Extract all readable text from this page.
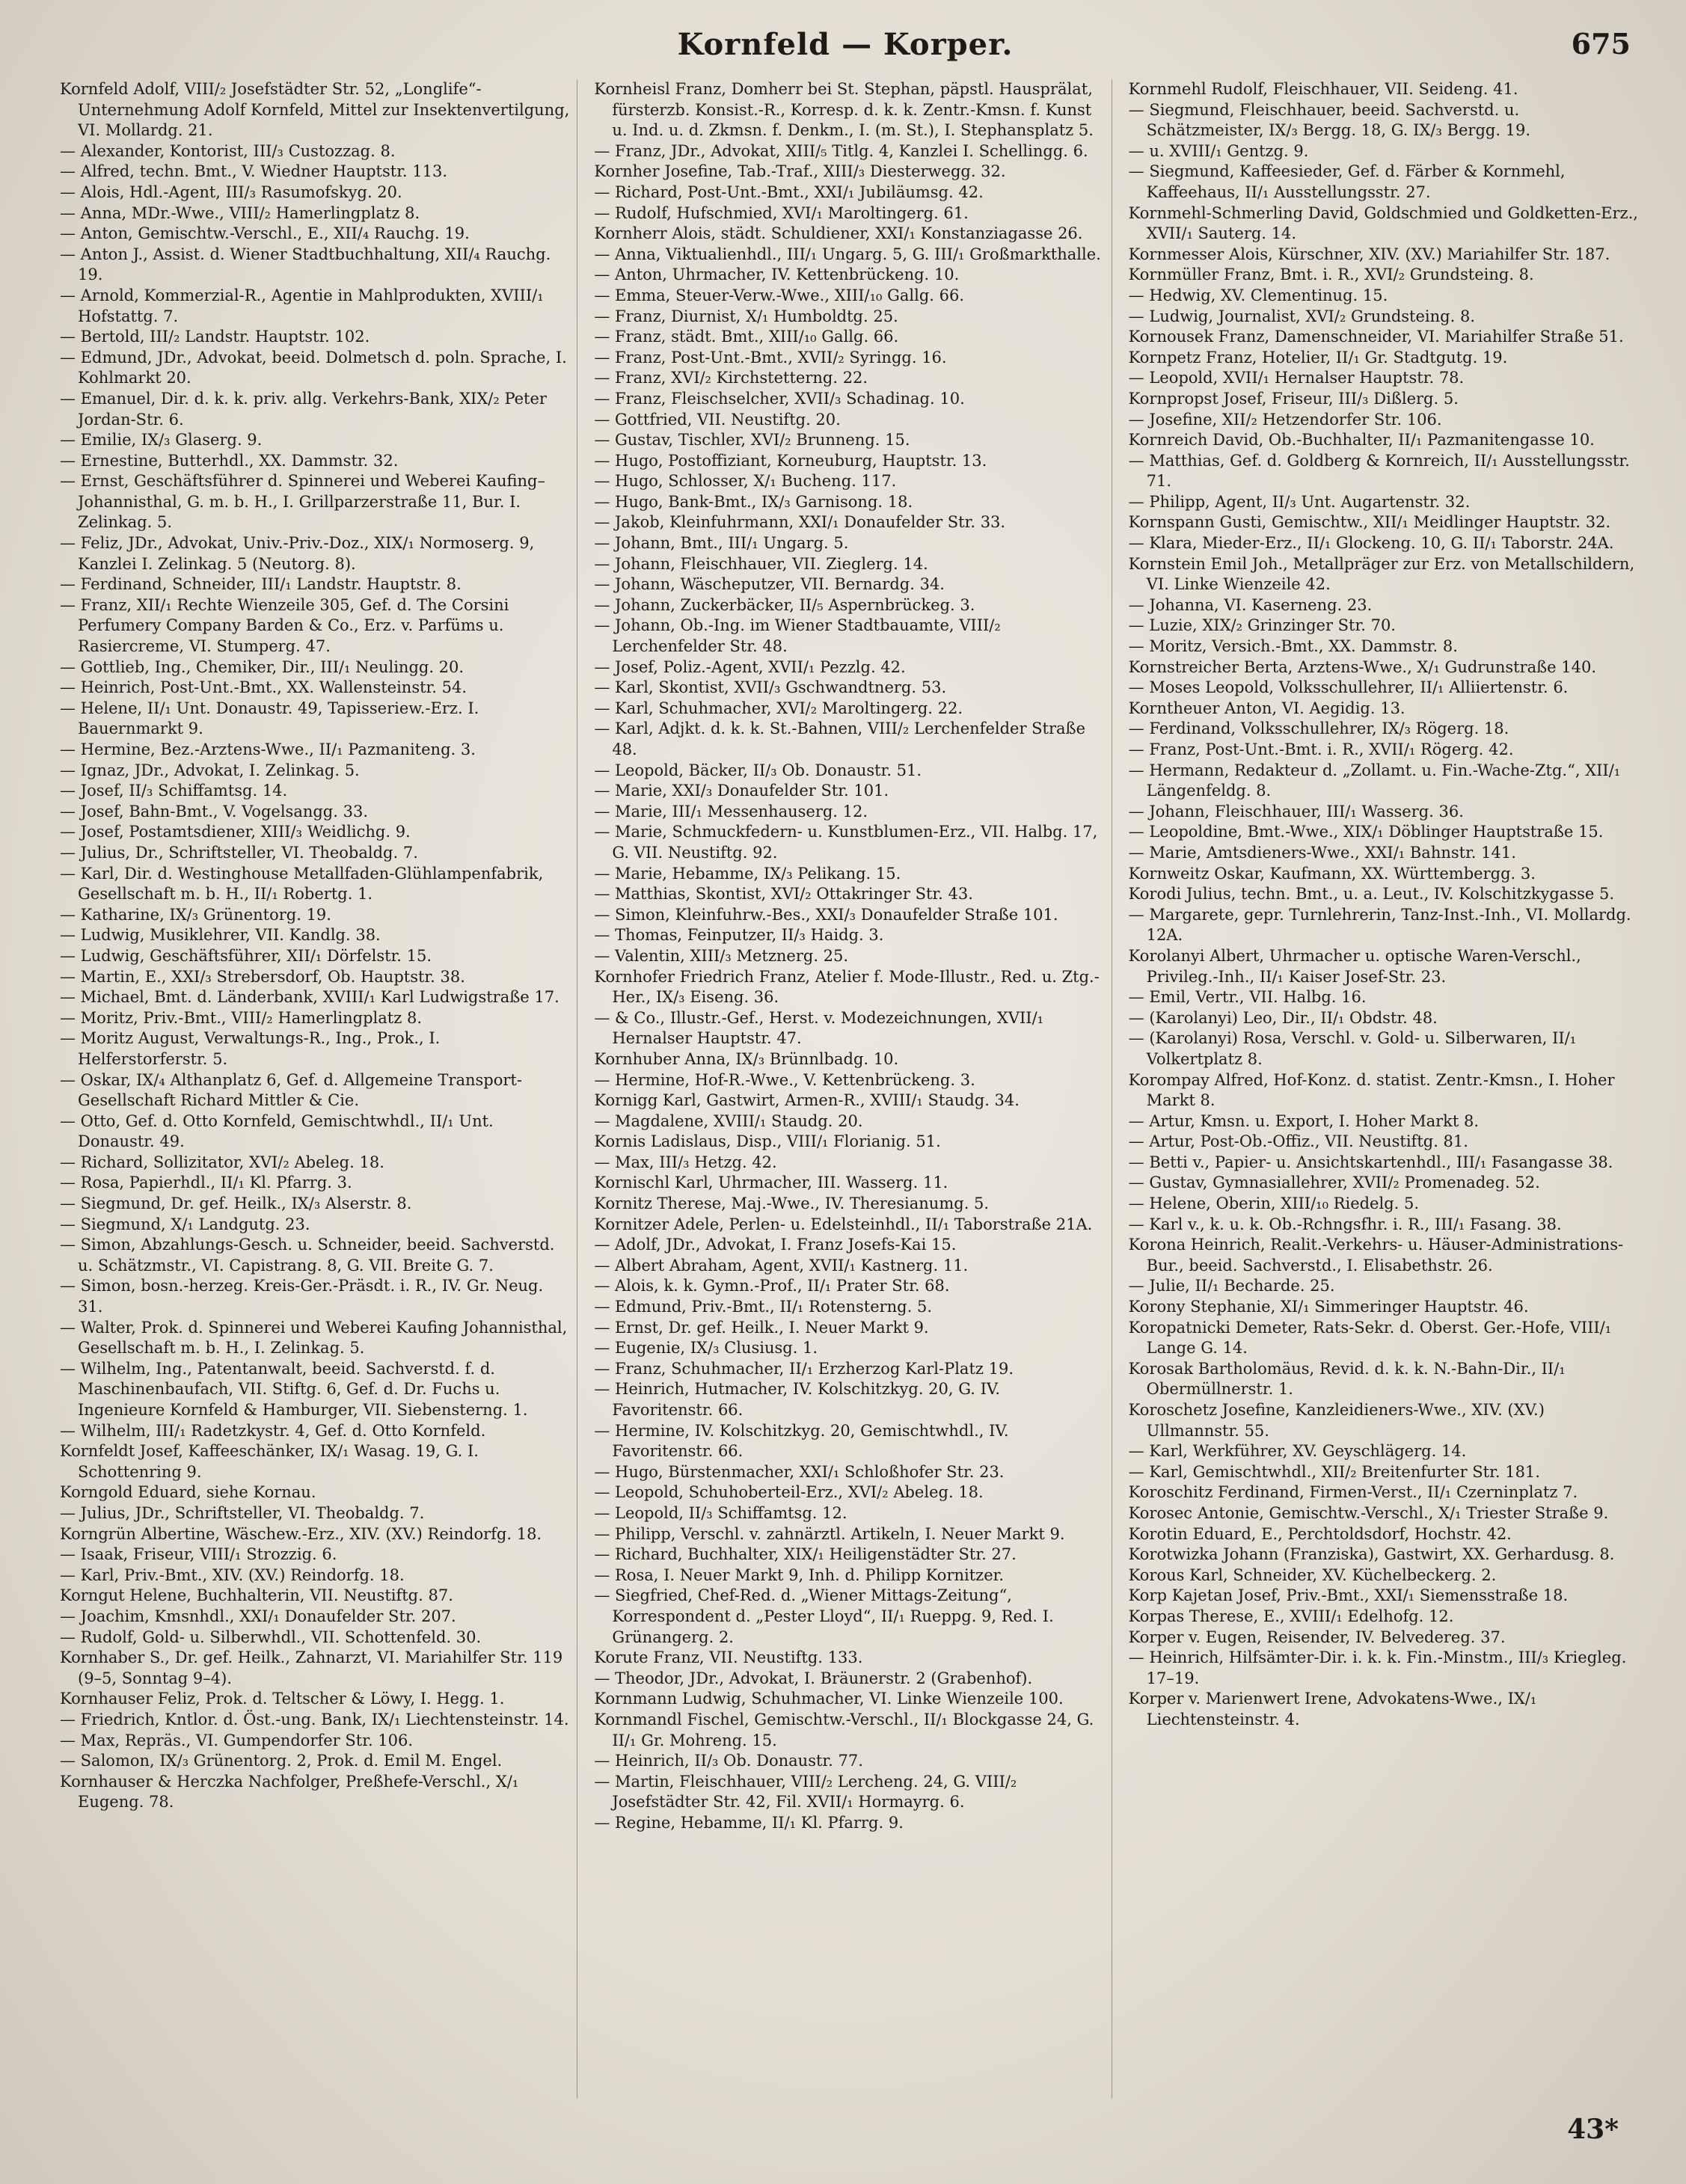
Kornfeld — Korper.	675

Kornfeld Adolf, VIII/₂ Josefstädter Str. 52, „Longlife“-Unternehmung Adolf Kornfeld, Mittel zur Insektenvertilgung, VI. Mollardg. 21.

— Alexander, Kontorist, III/₃ Custozzag. 8.

— Alfred, techn. Bmt., V. Wiedner Hauptstr. 113.

— Alois, Hdl.-Agent, III/₃ Rasumofskyg. 20.

— Anna, MDr.-Wwe., VIII/₂ Hamerlingplatz 8.

— Anton, Gemischtw.-Verschl., E., XII/₄ Rauchg. 19.

— Anton J., Assist. d. Wiener Stadtbuchhaltung, XII/₄ Rauchg. 19.

— Arnold, Kommerzial-R., Agentie in Mahlprodukten, XVIII/₁ Hofstattg. 7.

— Bertold, III/₂ Landstr. Hauptstr. 102.

— Edmund, JDr., Advokat, beeid. Dolmetsch d. poln. Sprache, I. Kohlmarkt 20.

— Emanuel, Dir. d. k. k. priv. allg. Verkehrs-Bank, XIX/₂ Peter Jordan-Str. 6.

— Emilie, IX/₃ Glaserg. 9.

— Ernestine, Butterhdl., XX. Dammstr. 32.

— Ernst, Geschäftsführer d. Spinnerei und Weberei Kaufing–Johannisthal, G. m. b. H., I. Grillparzerstraße 11, Bur. I. Zelinkag. 5.

— Feliz, JDr., Advokat, Univ.-Priv.-Doz., XIX/₁ Normoserg. 9, Kanzlei I. Zelinkag. 5 (Neutorg. 8).

— Ferdinand, Schneider, III/₁ Landstr. Hauptstr. 8.

— Franz, XII/₁ Rechte Wienzeile 305, Gef. d. The Corsini Perfumery Company Barden & Co., Erz. v. Parfüms u. Rasiercreme, VI. Stumperg. 47.

— Gottlieb, Ing., Chemiker, Dir., III/₁ Neulingg. 20.

— Heinrich, Post-Unt.-Bmt., XX. Wallensteinstr. 54.

— Helene, II/₁ Unt. Donaustr. 49, Tapisseriew.-Erz. I. Bauernmarkt 9.

— Hermine, Bez.-Arztens-Wwe., II/₁ Pazmaniteng. 3.

— Ignaz, JDr., Advokat, I. Zelinkag. 5.

— Josef, II/₃ Schiffamtsg. 14.

— Josef, Bahn-Bmt., V. Vogelsangg. 33.

— Josef, Postamtsdiener, XIII/₃ Weidlichg. 9.

— Julius, Dr., Schriftsteller, VI. Theobaldg. 7.

— Karl, Dir. d. Westinghouse Metallfaden-Glühlampenfabrik, Gesellschaft m. b. H., II/₁ Robertg. 1.

— Katharine, IX/₃ Grünentorg. 19.

— Ludwig, Musiklehrer, VII. Kandlg. 38.

— Ludwig, Geschäftsführer, XII/₁ Dörfelstr. 15.

— Martin, E., XXI/₃ Strebersdorf, Ob. Hauptstr. 38.

— Michael, Bmt. d. Länderbank, XVIII/₁ Karl Ludwigstraße 17.

— Moritz, Priv.-Bmt., VIII/₂ Hamerlingplatz 8.

— Moritz August, Verwaltungs-R., Ing., Prok., I. Helferstorferstr. 5.

— Oskar, IX/₄ Althanplatz 6, Gef. d. Allgemeine Transport-Gesellschaft Richard Mittler & Cie.

— Otto, Gef. d. Otto Kornfeld, Gemischtwhdl., II/₁ Unt. Donaustr. 49.

— Richard, Sollizitator, XVI/₂ Abeleg. 18.

— Rosa, Papierhdl., II/₁ Kl. Pfarrg. 3.

— Siegmund, Dr. gef. Heilk., IX/₃ Alserstr. 8.

— Siegmund, X/₁ Landgutg. 23.

— Simon, Abzahlungs-Gesch. u. Schneider, beeid. Sachverstd. u. Schätzmstr., VI. Capistrang. 8, G. VII. Breite G. 7.

— Simon, bosn.-herzeg. Kreis-Ger.-Präsdt. i. R., IV. Gr. Neug. 31.

— Walter, Prok. d. Spinnerei und Weberei Kaufing Johannisthal, Gesellschaft m. b. H., I. Zelinkag. 5.

— Wilhelm, Ing., Patentanwalt, beeid. Sachverstd. f. d. Maschinenbaufach, VII. Stiftg. 6, Gef. d. Dr. Fuchs u. Ingenieure Kornfeld & Hamburger, VII. Siebensterng. 1.

— Wilhelm, III/₁ Radetzkystr. 4, Gef. d. Otto Kornfeld.

Kornfeldt Josef, Kaffeeschänker, IX/₁ Wasag. 19, G. I. Schottenring 9.

Korngold Eduard, siehe Kornau.

— Julius, JDr., Schriftsteller, VI. Theobaldg. 7.

Korngrün Albertine, Wäschew.-Erz., XIV. (XV.) Reindorfg. 18.

— Isaak, Friseur, VIII/₁ Strozzig. 6.

— Karl, Priv.-Bmt., XIV. (XV.) Reindorfg. 18.

Korngut Helene, Buchhalterin, VII. Neustiftg. 87.

— Joachim, Kmsnhdl., XXI/₁ Donaufelder Str. 207.

— Rudolf, Gold- u. Silberwhdl., VII. Schottenfeld. 30.

Kornhaber S., Dr. gef. Heilk., Zahnarzt, VI. Mariahilfer Str. 119 (9–5, Sonntag 9–4).

Kornhauser Feliz, Prok. d. Teltscher & Löwy, I. Hegg. 1.

— Friedrich, Kntlor. d. Öst.-ung. Bank, IX/₁ Liechtensteinstr. 14.

— Max, Repräs., VI. Gumpendorfer Str. 106.

— Salomon, IX/₃ Grünentorg. 2, Prok. d. Emil M. Engel.

Kornhauser & Herczka Nachfolger, Preßhefe-Verschl., X/₁ Eugeng. 78.

Kornheisl Franz, Domherr bei St. Stephan, päpstl. Hausprälat, fürsterzb. Konsist.-R., Korresp. d. k. k. Zentr.-Kmsn. f. Kunst u. Ind. u. d. Zkmsn. f. Denkm., I. (m. St.), I. Stephansplatz 5.

— Franz, JDr., Advokat, XIII/₅ Titlg. 4, Kanzlei I. Schellingg. 6.

Kornher Josefine, Tab.-Traf., XIII/₃ Diesterwegg. 32.

— Richard, Post-Unt.-Bmt., XXI/₁ Jubiläumsg. 42.

— Rudolf, Hufschmied, XVI/₁ Maroltingerg. 61.

Kornherr Alois, städt. Schuldiener, XXI/₁ Konstanziagasse 26.

— Anna, Viktualienhdl., III/₁ Ungarg. 5, G. III/₁ Großmarkthalle.

— Anton, Uhrmacher, IV. Kettenbrückeng. 10.

— Emma, Steuer-Verw.-Wwe., XIII/₁₀ Gallg. 66.

— Franz, Diurnist, X/₁ Humboldtg. 25.

— Franz, städt. Bmt., XIII/₁₀ Gallg. 66.

— Franz, Post-Unt.-Bmt., XVII/₂ Syringg. 16.

— Franz, XVI/₂ Kirchstetterng. 22.

— Franz, Fleischselcher, XVII/₃ Schadinag. 10.

— Gottfried, VII. Neustiftg. 20.

— Gustav, Tischler, XVI/₂ Brunneng. 15.

— Hugo, Postoffiziant, Korneuburg, Hauptstr. 13.

— Hugo, Schlosser, X/₁ Bucheng. 117.

— Hugo, Bank-Bmt., IX/₃ Garnisong. 18.

— Jakob, Kleinfuhrmann, XXI/₁ Donaufelder Str. 33.

— Johann, Bmt., III/₁ Ungarg. 5.

— Johann, Fleischhauer, VII. Zieglerg. 14.

— Johann, Wäscheputzer, VII. Bernardg. 34.

— Johann, Zuckerbäcker, II/₅ Aspernbrückeg. 3.

— Johann, Ob.-Ing. im Wiener Stadtbauamte, VIII/₂ Lerchenfelder Str. 48.

— Josef, Poliz.-Agent, XVII/₁ Pezzlg. 42.

— Karl, Skontist, XVII/₃ Gschwandtnerg. 53.

— Karl, Schuhmacher, XVI/₂ Maroltingerg. 22.

— Karl, Adjkt. d. k. k. St.-Bahnen, VIII/₂ Lerchenfelder Straße 48.

— Leopold, Bäcker, II/₃ Ob. Donaustr. 51.

— Marie, XXI/₃ Donaufelder Str. 101.

— Marie, III/₁ Messenhauserg. 12.

— Marie, Schmuckfedern- u. Kunstblumen-Erz., VII. Halbg. 17, G. VII. Neustiftg. 92.

— Marie, Hebamme, IX/₃ Pelikang. 15.

— Matthias, Skontist, XVI/₂ Ottakringer Str. 43.

— Simon, Kleinfuhrw.-Bes., XXI/₃ Donaufelder Straße 101.

— Thomas, Feinputzer, II/₃ Haidg. 3.

— Valentin, XIII/₃ Metznerg. 25.

Kornhofer Friedrich Franz, Atelier f. Mode-Illustr., Red. u. Ztg.-Her., IX/₃ Eiseng. 36.

— & Co., Illustr.-Gef., Herst. v. Modezeichnungen, XVII/₁ Hernalser Hauptstr. 47.

Kornhuber Anna, IX/₃ Brünnlbadg. 10.

— Hermine, Hof-R.-Wwe., V. Kettenbrückeng. 3.

Kornigg Karl, Gastwirt, Armen-R., XVIII/₁ Staudg. 34.

— Magdalene, XVIII/₁ Staudg. 20.

Kornis Ladislaus, Disp., VIII/₁ Florianig. 51.

— Max, III/₃ Hetzg. 42.

Kornischl Karl, Uhrmacher, III. Wasserg. 11.

Kornitz Therese, Maj.-Wwe., IV. Theresianumg. 5.

Kornitzer Adele, Perlen- u. Edelsteinhdl., II/₁ Taborstraße 21A.

— Adolf, JDr., Advokat, I. Franz Josefs-Kai 15.

— Albert Abraham, Agent, XVII/₁ Kastnerg. 11.

— Alois, k. k. Gymn.-Prof., II/₁ Prater Str. 68.

— Edmund, Priv.-Bmt., II/₁ Rotensterng. 5.

— Ernst, Dr. gef. Heilk., I. Neuer Markt 9.

— Eugenie, IX/₃ Clusiusg. 1.

— Franz, Schuhmacher, II/₁ Erzherzog Karl-Platz 19.

— Heinrich, Hutmacher, IV. Kolschitzkyg. 20, G. IV. Favoritenstr. 66.

— Hermine, IV. Kolschitzkyg. 20, Gemischtwhdl., IV. Favoritenstr. 66.

— Hugo, Bürstenmacher, XXI/₁ Schloßhofer Str. 23.

— Leopold, Schuhoberteil-Erz., XVI/₂ Abeleg. 18.

— Leopold, II/₃ Schiffamtsg. 12.

— Philipp, Verschl. v. zahnärztl. Artikeln, I. Neuer Markt 9.

— Richard, Buchhalter, XIX/₁ Heiligenstädter Str. 27.

— Rosa, I. Neuer Markt 9, Inh. d. Philipp Kornitzer.

— Siegfried, Chef-Red. d. „Wiener Mittags-Zeitung“, Korrespondent d. „Pester Lloyd“, II/₁ Rueppg. 9, Red. I. Grünangerg. 2.

Korute Franz, VII. Neustiftg. 133.

— Theodor, JDr., Advokat, I. Bräunerstr. 2 (Grabenhof).

Kornmann Ludwig, Schuhmacher, VI. Linke Wienzeile 100.

Kornmandl Fischel, Gemischtw.-Verschl., II/₁ Blockgasse 24, G. II/₁ Gr. Mohreng. 15.

— Heinrich, II/₃ Ob. Donaustr. 77.

— Martin, Fleischhauer, VIII/₂ Lercheng. 24, G. VIII/₂ Josefstädter Str. 42, Fil. XVII/₁ Hormayrg. 6.

— Regine, Hebamme, II/₁ Kl. Pfarrg. 9.

Kornmehl Rudolf, Fleischhauer, VII. Seideng. 41.

— Siegmund, Fleischhauer, beeid. Sachverstd. u. Schätzmeister, IX/₃ Bergg. 18, G. IX/₃ Bergg. 19.

— u. XVIII/₁ Gentzg. 9.

— Siegmund, Kaffeesieder, Gef. d. Färber & Kornmehl, Kaffeehaus, II/₁ Ausstellungsstr. 27.

Kornmehl-Schmerling David, Goldschmied und Goldketten-Erz., XVII/₁ Sauterg. 14.

Kornmesser Alois, Kürschner, XIV. (XV.) Mariahilfer Str. 187.

Kornmüller Franz, Bmt. i. R., XVI/₂ Grundsteing. 8.

— Hedwig, XV. Clementinug. 15.

— Ludwig, Journalist, XVI/₂ Grundsteing. 8.

Kornousek Franz, Damenschneider, VI. Mariahilfer Straße 51.

Kornpetz Franz, Hotelier, II/₁ Gr. Stadtgutg. 19.

— Leopold, XVII/₁ Hernalser Hauptstr. 78.

Kornpropst Josef, Friseur, III/₃ Dißlerg. 5.

— Josefine, XII/₂ Hetzendorfer Str. 106.

Kornreich David, Ob.-Buchhalter, II/₁ Pazmanitengasse 10.

— Matthias, Gef. d. Goldberg & Kornreich, II/₁ Ausstellungsstr. 71.

— Philipp, Agent, II/₃ Unt. Augartenstr. 32.

Kornspann Gusti, Gemischtw., XII/₁ Meidlinger Hauptstr. 32.

— Klara, Mieder-Erz., II/₁ Glockeng. 10, G. II/₁ Taborstr. 24A.

Kornstein Emil Joh., Metallpräger zur Erz. von Metallschildern, VI. Linke Wienzeile 42.

— Johanna, VI. Kaserneng. 23.

— Luzie, XIX/₂ Grinzinger Str. 70.

— Moritz, Versich.-Bmt., XX. Dammstr. 8.

Kornstreicher Berta, Arztens-Wwe., X/₁ Gudrunstraße 140.

— Moses Leopold, Volksschullehrer, II/₁ Alliiertenstr. 6.

Korntheuer Anton, VI. Aegidig. 13.

— Ferdinand, Volksschullehrer, IX/₃ Rögerg. 18.

— Franz, Post-Unt.-Bmt. i. R., XVII/₁ Rögerg. 42.

— Hermann, Redakteur d. „Zollamt. u. Fin.-Wache-Ztg.“, XII/₁ Längenfeldg. 8.

— Johann, Fleischhauer, III/₁ Wasserg. 36.

— Leopoldine, Bmt.-Wwe., XIX/₁ Döblinger Hauptstraße 15.

— Marie, Amtsdieners-Wwe., XXI/₁ Bahnstr. 141.

Kornweitz Oskar, Kaufmann, XX. Württembergg. 3.

Korodi Julius, techn. Bmt., u. a. Leut., IV. Kolschitzkygasse 5.

— Margarete, gepr. Turnlehrerin, Tanz-Inst.-Inh., VI. Mollardg. 12A.

Korolanyi Albert, Uhrmacher u. optische Waren-Verschl., Privileg.-Inh., II/₁ Kaiser Josef-Str. 23.

— Emil, Vertr., VII. Halbg. 16.

— (Karolanyi) Leo, Dir., II/₁ Obdstr. 48.

— (Karolanyi) Rosa, Verschl. v. Gold- u. Silberwaren, II/₁ Volkertplatz 8.

Korompay Alfred, Hof-Konz. d. statist. Zentr.-Kmsn., I. Hoher Markt 8.

— Artur, Kmsn. u. Export, I. Hoher Markt 8.

— Artur, Post-Ob.-Offiz., VII. Neustiftg. 81.

— Betti v., Papier- u. Ansichtskartenhdl., III/₁ Fasangasse 38.

— Gustav, Gymnasiallehrer, XVII/₂ Promenadeg. 52.

— Helene, Oberin, XIII/₁₀ Riedelg. 5.

— Karl v., k. u. k. Ob.-Rchngsfhr. i. R., III/₁ Fasang. 38.

Korona Heinrich, Realit.-Verkehrs- u. Häuser-Administrations-Bur., beeid. Sachverstd., I. Elisabethstr. 26.

— Julie, II/₁ Becharde. 25.

Korony Stephanie, XI/₁ Simmeringer Hauptstr. 46.

Koropatnicki Demeter, Rats-Sekr. d. Oberst. Ger.-Hofe, VIII/₁ Lange G. 14.

Korosak Bartholomäus, Revid. d. k. k. N.-Bahn-Dir., II/₁ Obermüllnerstr. 1.

Koroschetz Josefine, Kanzleidieners-Wwe., XIV. (XV.) Ullmannstr. 55.

— Karl, Werkführer, XV. Geyschlägerg. 14.

— Karl, Gemischtwhdl., XII/₂ Breitenfurter Str. 181.

Koroschitz Ferdinand, Firmen-Verst., II/₁ Czerninplatz 7.

Korosec Antonie, Gemischtw.-Verschl., X/₁ Triester Straße 9.

Korotin Eduard, E., Perchtoldsdorf, Hochstr. 42.

Korotwizka Johann (Franziska), Gastwirt, XX. Gerhardusg. 8.

Korous Karl, Schneider, XV. Küchelbeckerg. 2.

Korp Kajetan Josef, Priv.-Bmt., XXI/₁ Siemensstraße 18.

Korpas Therese, E., XVIII/₁ Edelhofg. 12.

Korper v. Eugen, Reisender, IV. Belvedereg. 37.

— Heinrich, Hilfsämter-Dir. i. k. k. Fin.-Minstm., III/₃ Kriegleg. 17–19.

Korper v. Marienwert Irene, Advokatens-Wwe., IX/₁ Liechtensteinstr. 4.

43*
